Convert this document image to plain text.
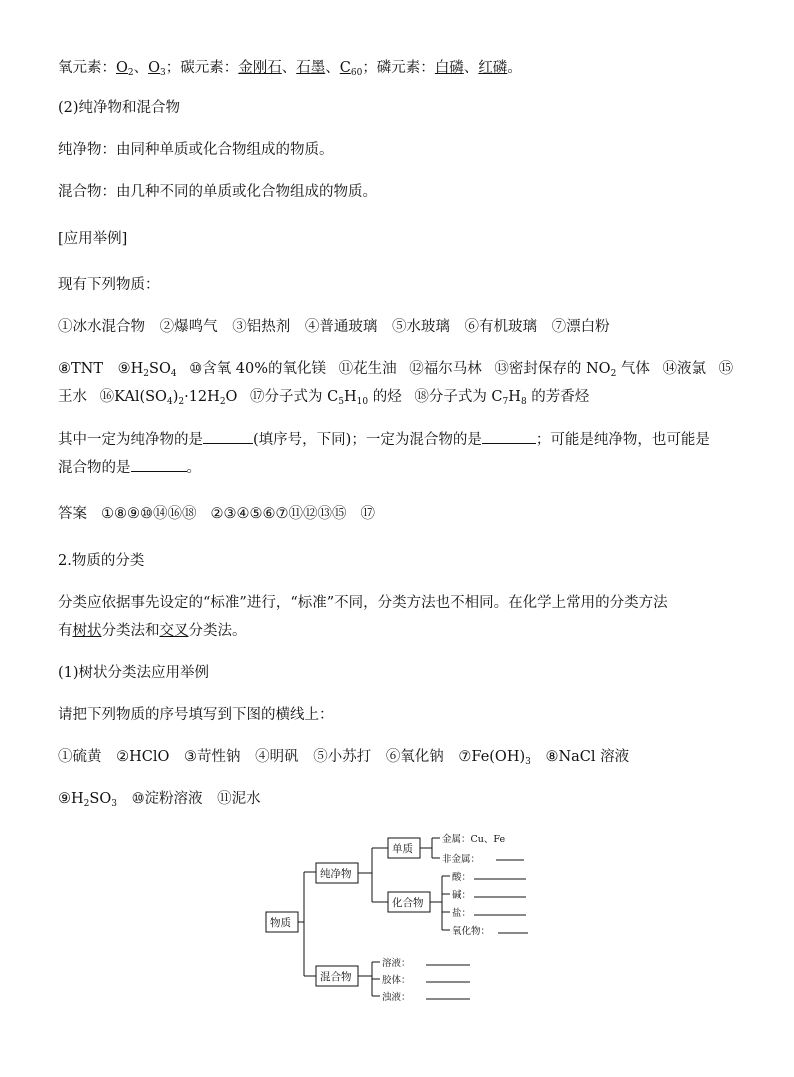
氧元素：$O_2$、$O_3$；碳元素：金刚石、石墨、$C_{60}$；磷元素：白磷、红磷。
(2)纯净物和混合物
纯净物：由同种单质或化合物组成的物质。
混合物：由几种不同的单质或化合物组成的物质。
[应用举例]
现有下列物质：
①冰水混合物 ②爆鸣气 ③铝热剂 ④普通玻璃 ⑤水玻璃 ⑥有机玻璃 ⑦漂白粉
⑧TNT $⑨H_2SO_4$ ⑩含氧 40%的氧化镁 ⑪花生油 ⑫福尔马林 ⑬密封保存的 $NO_2$ 气体 ⑭液氯 ⑮
王水 $⑯KAl(SO_4)_2\cdot 12H_2O$ ⑰分子式为 $C_5H_{10}$ 的烃 ⑱分子式为 $C_7H_8$ 的芳香烃
其中一定为纯净物的是	(填序号，下同)；一定为混合物的是	；可能是纯净物，也可能是
混合物的是	。
答案 ①⑧⑨⑩⑭⑯⑱ ②③④⑤⑥⑦⑪⑫⑬⑮ ⑰
2.物质的分类
分类应依据事先设定的“标准”进行，“标准”不同，分类方法也不相同。在化学上常用的分类方法
有树状分类法和交叉分类法。
(1)树状分类法应用举例
请把下列物质的序号填写到下图的横线上：
①硫黄 ②HClO ③苛性钠 ④明矾 ⑤小苏打 ⑥氧化钠 $⑦Fe(OH)_3$ ⑧NaCl 溶液
$⑨H_2SO_3$ ⑩淀粉溶液 ⑪泥水
物质
纯净物
单质
化合物
混合物
金属：Cu、Fe
非金属：
酸：
碱：
盐：
氧化物：
溶液：
胶体：
浊液：
